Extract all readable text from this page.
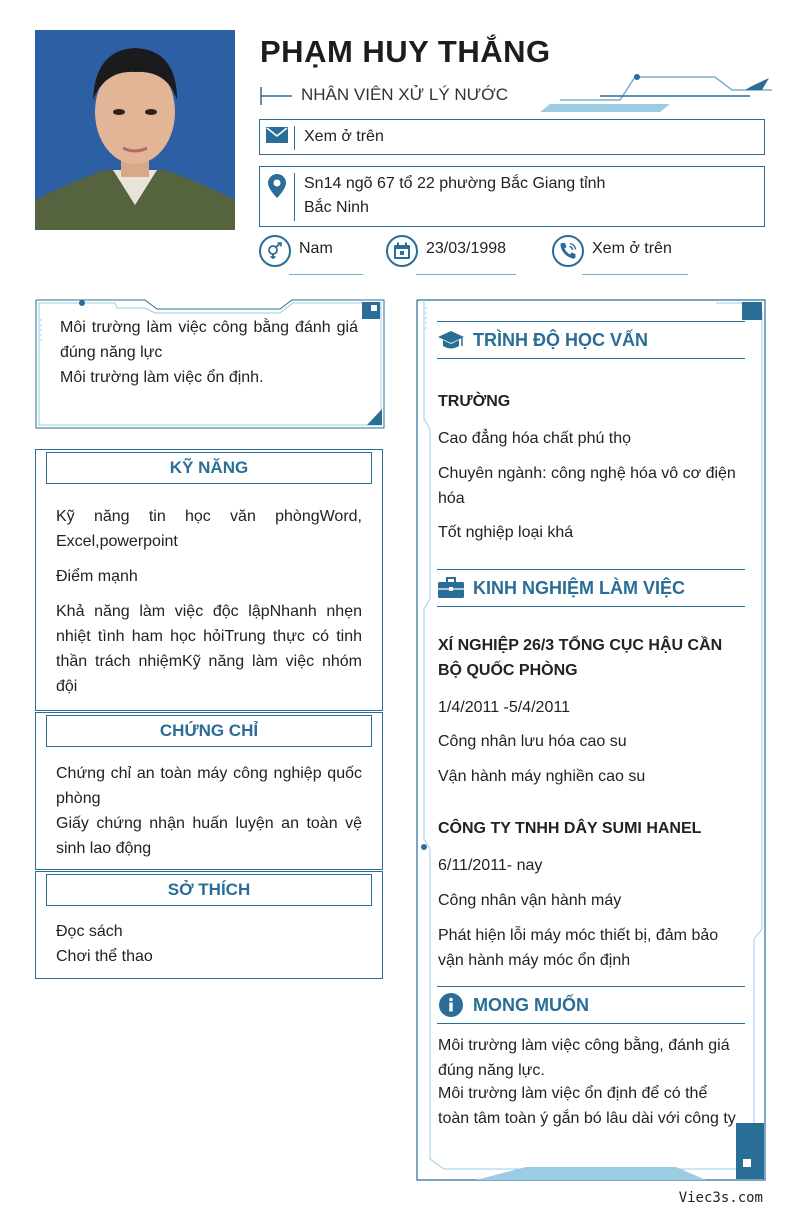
PHẠM HUY THẮNG
NHÂN VIÊN XỬ LÝ NƯỚC
Xem ở trên
Sn14 ngõ 67 tổ 22 phường Bắc Giang tỉnh
Bắc Ninh
Nam	23/03/1998	Xem ở trên
Môi trường làm việc công bằng đánh giá đúng năng lực
Môi trường làm việc ổn định.
KỸ NĂNG

Kỹ năng tin học văn phòngWord, Excel,powerpoint

Điểm mạnh

Khả năng làm việc độc lậpNhanh nhẹn nhiệt tình ham học hỏiTrung thực có tinh thần trách nhiệmKỹ năng làm việc nhóm đội

CHỨNG CHỈ
Chứng chỉ an toàn máy công nghiệp quốc phòng
Giấy chứng nhận huấn luyện an toàn vệ sinh lao động
SỞ THÍCH
Đọc sách
Chơi thể thao
TRÌNH ĐỘ HỌC VẤN
TRƯỜNG
Cao đẳng hóa chất phú thọ
Chuyên ngành: công nghệ hóa vô cơ điện hóa
Tốt nghiệp loại khá
KINH NGHIỆM LÀM VIỆC
XÍ NGHIỆP 26/3 TỔNG CỤC HẬU CẦN BỘ QUỐC PHÒNG
1/4/2011 -5/4/2011
Công nhân lưu hóa cao su
Vận hành máy nghiền cao su
CÔNG TY TNHH DÂY SUMI HANEL
6/11/2011- nay
Công nhân vận hành máy
Phát hiện lỗi máy móc thiết bị, đảm bảo vận hành máy móc ổn định
MONG MUỐN
Môi trường làm việc công bằng, đánh giá đúng năng lực.
Môi trường làm việc ổn định để có thể toàn tâm toàn ý gắn bó lâu dài với công ty
Viec3s.com
